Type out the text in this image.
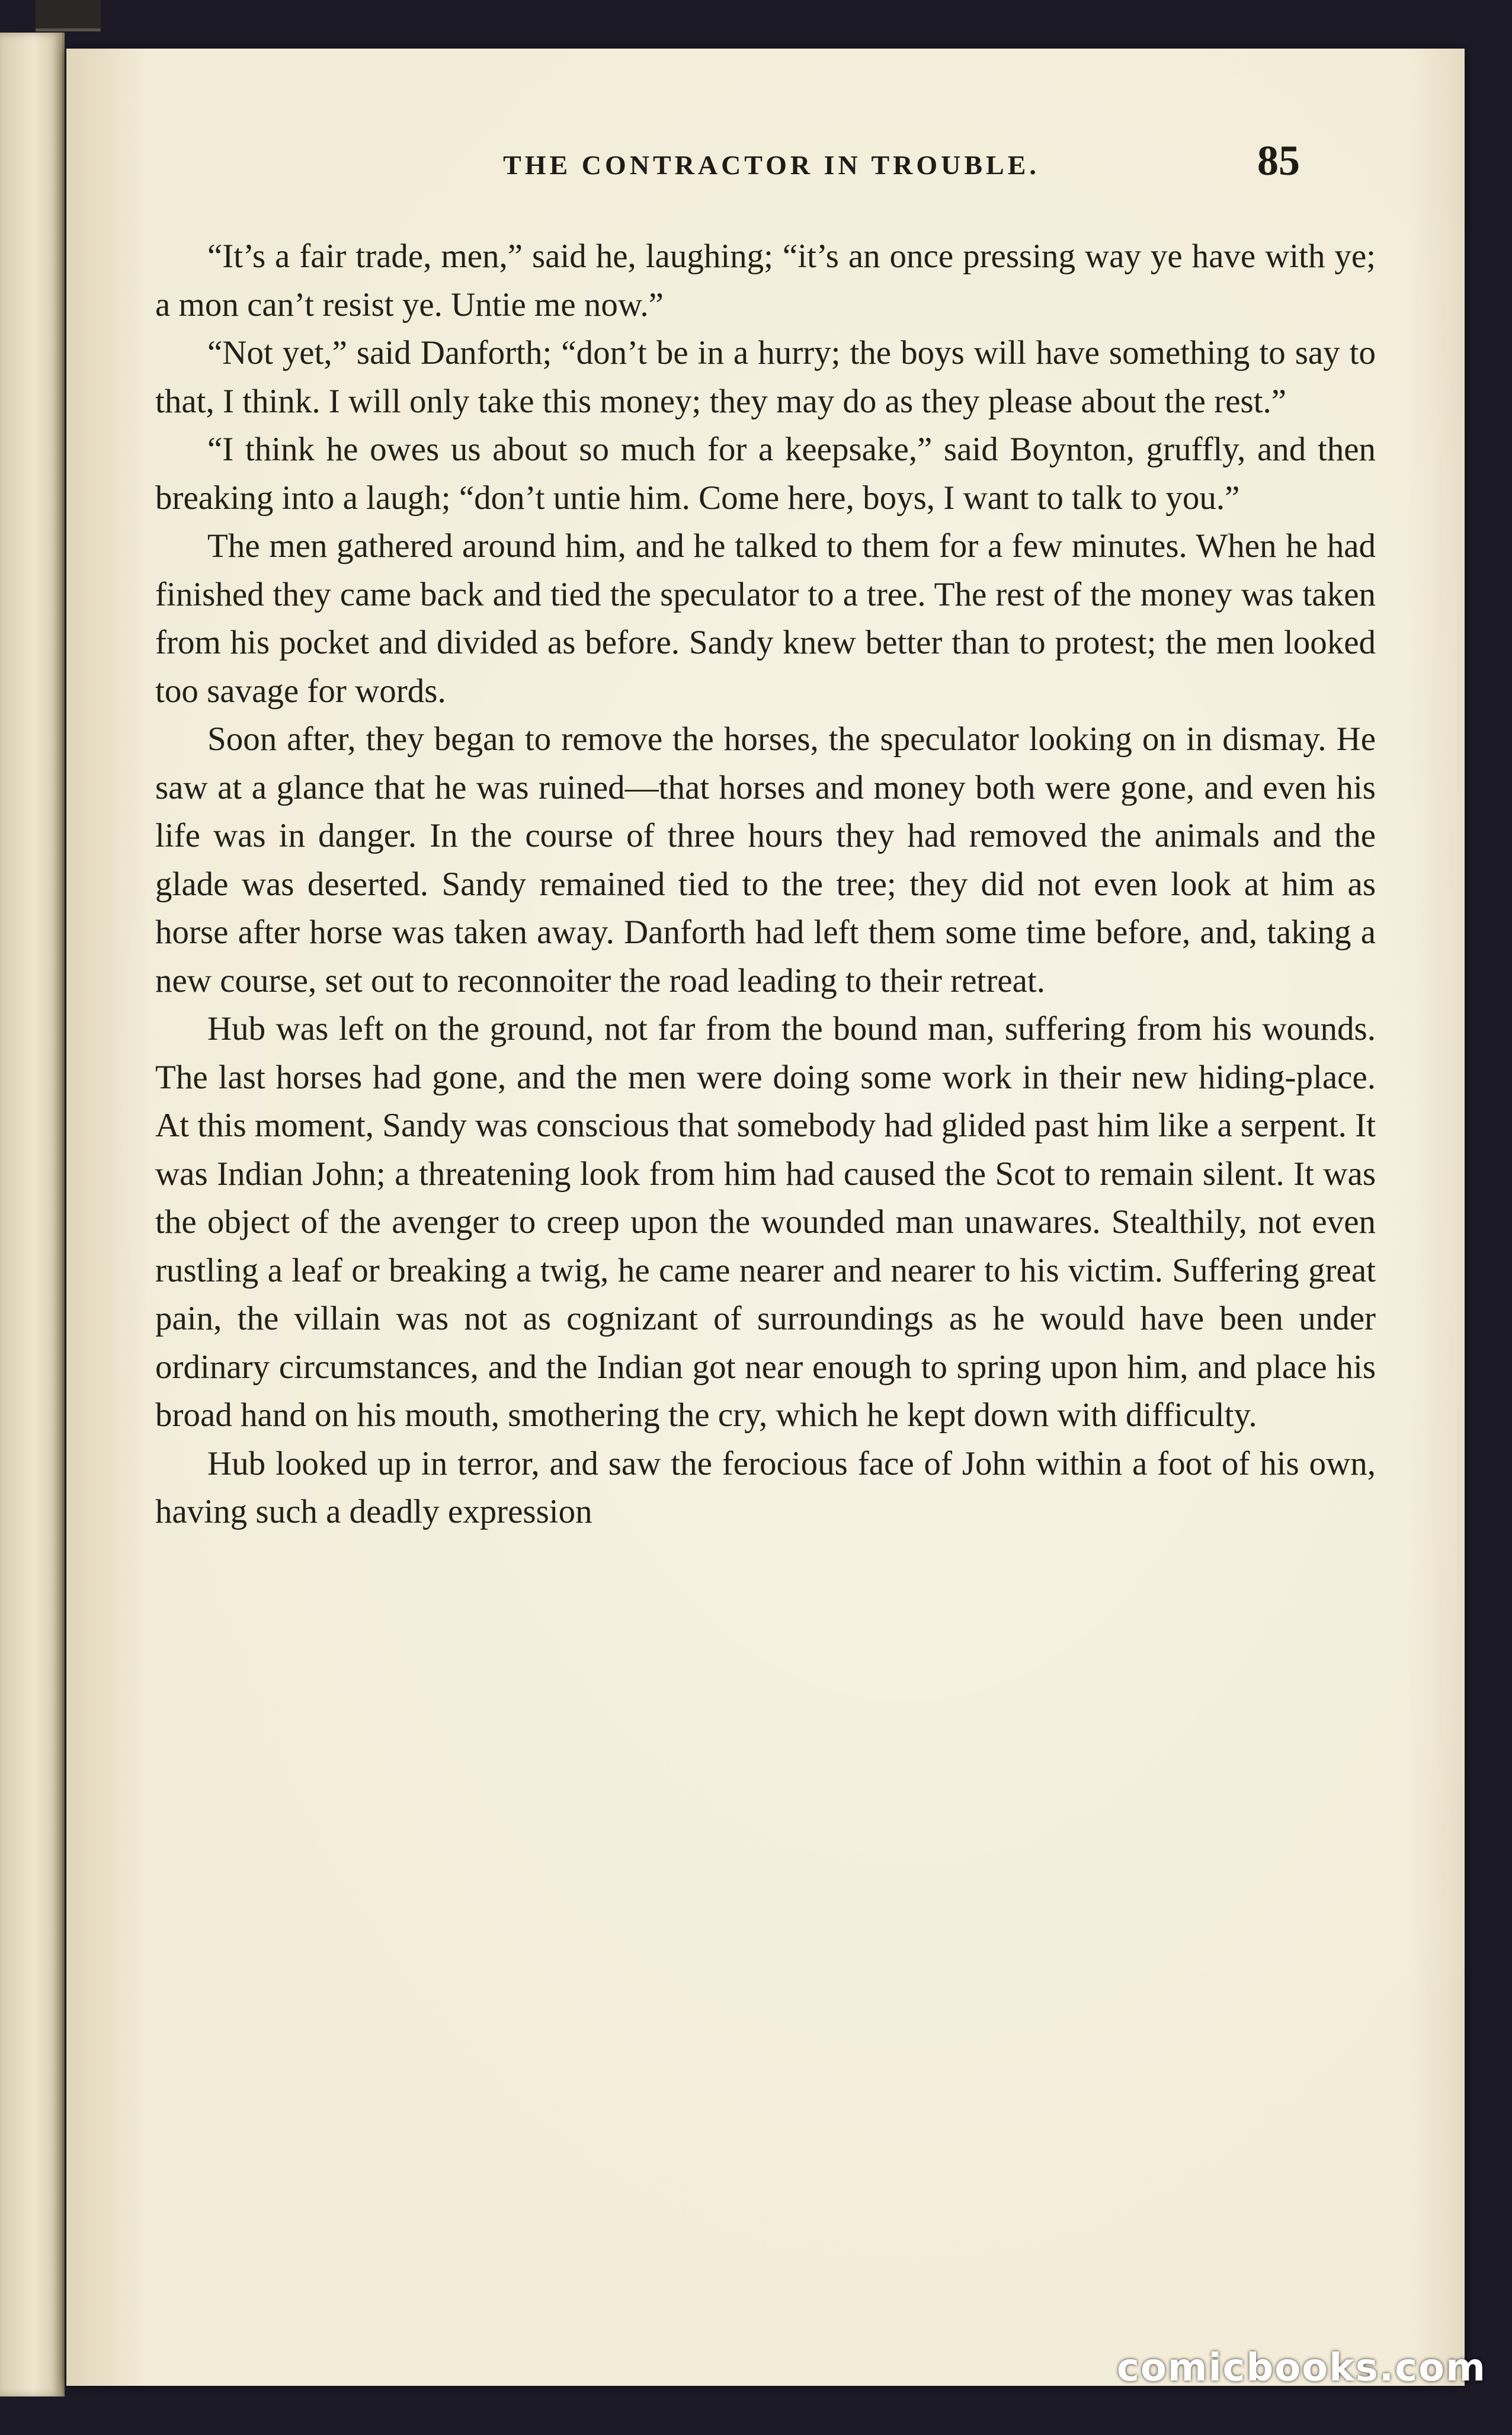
THE CONTRACTOR IN TROUBLE.	85

“It’s a fair trade, men,” said he, laughing; “it’s an once pressing way ye have with ye; a mon can’t resist ye. Untie me now.”

“Not yet,” said Danforth; “don’t be in a hurry; the boys will have something to say to that, I think. I will only take this money; they may do as they please about the rest.”

“I think he owes us about so much for a keepsake,” said Boynton, gruffly, and then breaking into a laugh; “don’t untie him. Come here, boys, I want to talk to you.”

The men gathered around him, and he talked to them for a few minutes. When he had finished they came back and tied the speculator to a tree. The rest of the money was taken from his pocket and divided as before. Sandy knew better than to protest; the men looked too savage for words.

Soon after, they began to remove the horses, the speculator looking on in dismay. He saw at a glance that he was ruined—that horses and money both were gone, and even his life was in danger. In the course of three hours they had removed the animals and the glade was deserted. Sandy remained tied to the tree; they did not even look at him as horse after horse was taken away. Danforth had left them some time before, and, taking a new course, set out to reconnoiter the road leading to their retreat.

Hub was left on the ground, not far from the bound man, suffering from his wounds. The last horses had gone, and the men were doing some work in their new hiding-place. At this moment, Sandy was conscious that somebody had glided past him like a serpent. It was Indian John; a threatening look from him had caused the Scot to remain silent. It was the object of the avenger to creep upon the wounded man unawares. Stealthily, not even rustling a leaf or breaking a twig, he came nearer and nearer to his victim. Suffering great pain, the villain was not as cognizant of surroundings as he would have been under ordinary circumstances, and the Indian got near enough to spring upon him, and place his broad hand on his mouth, smothering the cry, which he kept down with difficulty.

Hub looked up in terror, and saw the ferocious face of John within a foot of his own, having such a deadly expression

comicbooks.com
